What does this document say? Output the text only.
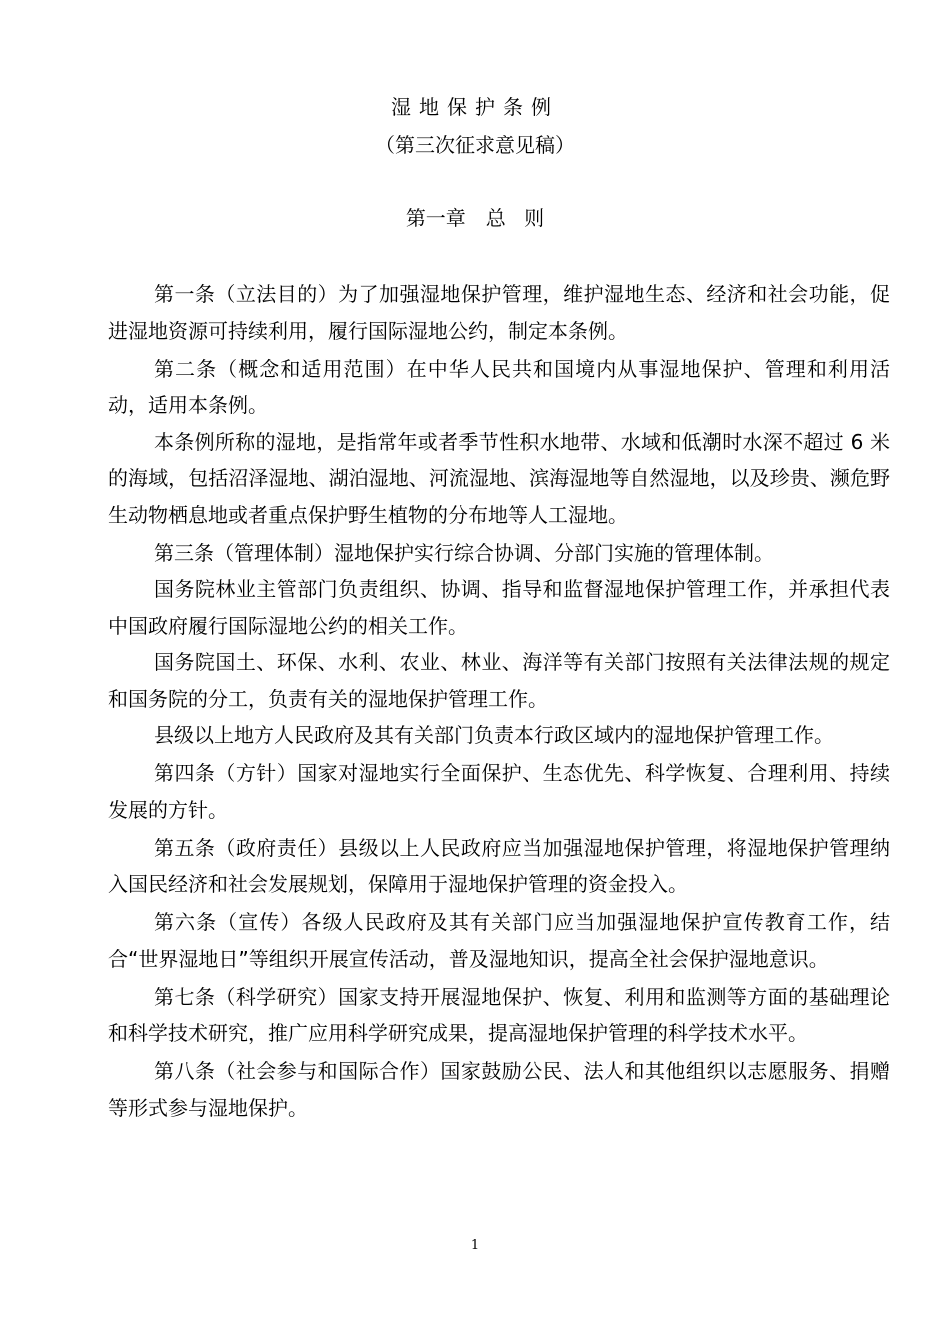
湿地保护条例
（第三次征求意见稿）
第一章　总 则

第一条（立法目的）为了加强湿地保护管理，维护湿地生态、经济和社会功能，促进湿地资源可持续利用，履行国际湿地公约，制定本条例。

第二条（概念和适用范围）在中华人民共和国境内从事湿地保护、管理和利用活动，适用本条例。

本条例所称的湿地，是指常年或者季节性积水地带、水域和低潮时水深不超过 6 米的海域，包括沼泽湿地、湖泊湿地、河流湿地、滨海湿地等自然湿地，以及珍贵、濒危野生动物栖息地或者重点保护野生植物的分布地等人工湿地。

第三条（管理体制）湿地保护实行综合协调、分部门实施的管理体制。

国务院林业主管部门负责组织、协调、指导和监督湿地保护管理工作，并承担代表中国政府履行国际湿地公约的相关工作。

国务院国土、环保、水利、农业、林业、海洋等有关部门按照有关法律法规的规定和国务院的分工，负责有关的湿地保护管理工作。

县级以上地方人民政府及其有关部门负责本行政区域内的湿地保护管理工作。

第四条（方针）国家对湿地实行全面保护、生态优先、科学恢复、合理利用、持续发展的方针。

第五条（政府责任）县级以上人民政府应当加强湿地保护管理，将湿地保护管理纳入国民经济和社会发展规划，保障用于湿地保护管理的资金投入。

第六条（宣传）各级人民政府及其有关部门应当加强湿地保护宣传教育工作，结合“世界湿地日”等组织开展宣传活动，普及湿地知识，提高全社会保护湿地意识。

第七条（科学研究）国家支持开展湿地保护、恢复、利用和监测等方面的基础理论和科学技术研究，推广应用科学研究成果，提高湿地保护管理的科学技术水平。

第八条（社会参与和国际合作）国家鼓励公民、法人和其他组织以志愿服务、捐赠等形式参与湿地保护。

1
